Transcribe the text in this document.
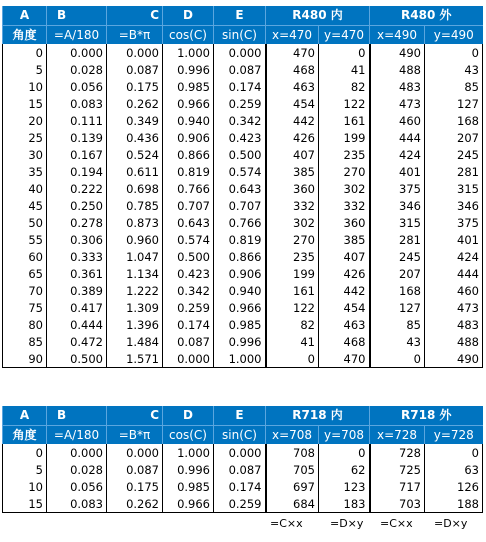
A	B	C	D	E	R480 内		R480 外	
角度	=A/180	=B*π	cos(C)	sin(C)	x=470	y=470	x=490	y=490
0	0.000	0.000	1.000	0.000	470	0	490	0
5	0.028	0.087	0.996	0.087	468	41	488	43
10	0.056	0.175	0.985	0.174	463	82	483	85
15	0.083	0.262	0.966	0.259	454	122	473	127
20	0.111	0.349	0.940	0.342	442	161	460	168
25	0.139	0.436	0.906	0.423	426	199	444	207
30	0.167	0.524	0.866	0.500	407	235	424	245
35	0.194	0.611	0.819	0.574	385	270	401	281
40	0.222	0.698	0.766	0.643	360	302	375	315
45	0.250	0.785	0.707	0.707	332	332	346	346
50	0.278	0.873	0.643	0.766	302	360	315	375
55	0.306	0.960	0.574	0.819	270	385	281	401
60	0.333	1.047	0.500	0.866	235	407	245	424
65	0.361	1.134	0.423	0.906	199	426	207	444
70	0.389	1.222	0.342	0.940	161	442	168	460
75	0.417	1.309	0.259	0.966	122	454	127	473
80	0.444	1.396	0.174	0.985	82	463	85	483
85	0.472	1.484	0.087	0.996	41	468	43	488
90	0.500	1.571	0.000	1.000	0	470	0	490
A	B	C	D	E	R718 内		R718 外	
角度	=A/180	=B*π	cos(C)	sin(C)	x=708	y=708	x=728	y=728
0	0.000	0.000	1.000	0.000	708	0	728	0
5	0.028	0.087	0.996	0.087	705	62	725	63
10	0.056	0.175	0.985	0.174	697	123	717	126
15	0.083	0.262	0.966	0.259	684	183	703	188
=C×x =D×y =C×x =D×y
